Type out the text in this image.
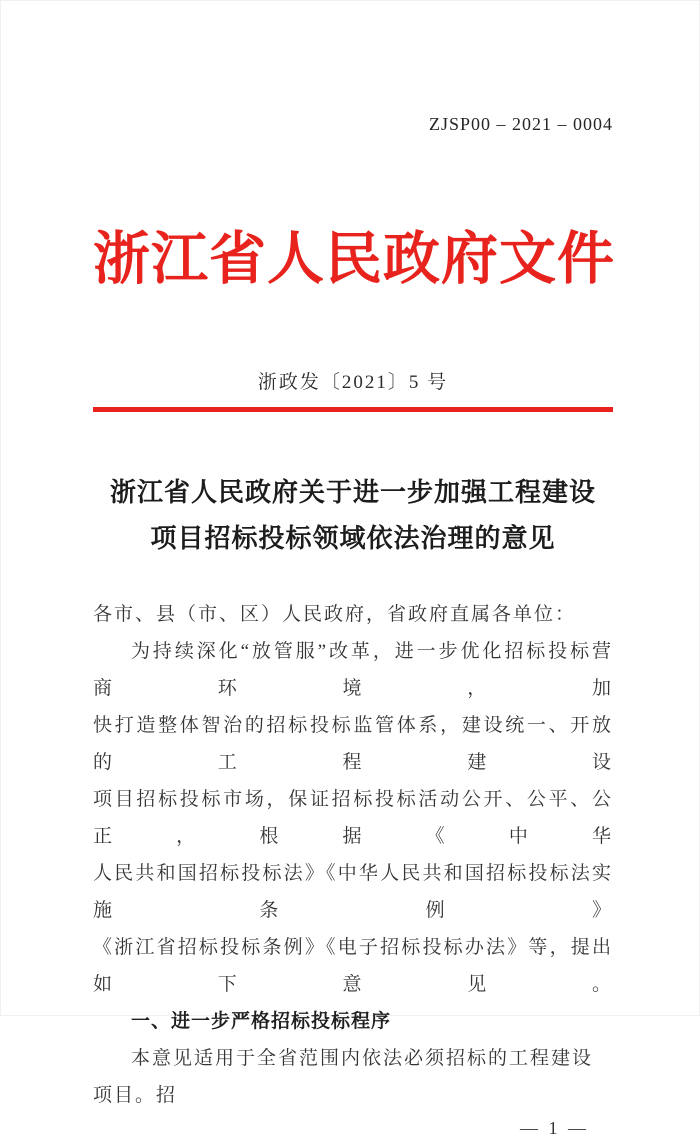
ZJSP00 – 2021 – 0004
浙江省人民政府文件
浙政发〔2021〕5 号
浙江省人民政府关于进一步加强工程建设
项目招标投标领域依法治理的意见
各市、县（市、区）人民政府，省政府直属各单位：
为持续深化“放管服”改革，进一步优化招标投标营商环境，加
快打造整体智治的招标投标监管体系，建设统一、开放的工程建设
项目招标投标市场，保证招标投标活动公开、公平、公正，根据《中华
人民共和国招标投标法》《中华人民共和国招标投标法实施条例》
《浙江省招标投标条例》《电子招标投标办法》等，提出如下意见。
一、进一步严格招标投标程序
本意见适用于全省范围内依法必须招标的工程建设项目。招
— 1 —
